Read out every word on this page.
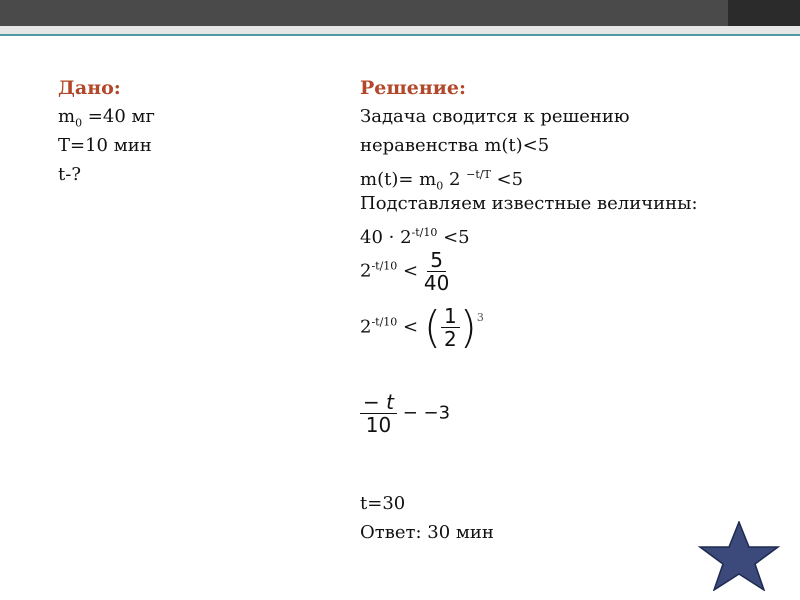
Дано:
$m_0 =40$ мг
T=10 мин
t-?
Решение:
Задача сводится к решению
неравенства m(t)<5
$m(t)= m_0$ 2 $^{-t/T}$ <5
Подставляем известные величины:
$40 \cdot 2^{-t/10} <5$
$2^{-t/10} < \frac{5}{40}$
$2^{-t/10}$ < ( $\frac{1}{2} )^3$
$\frac{- t}{10} - -3$
t=30
Ответ: 30 мин
